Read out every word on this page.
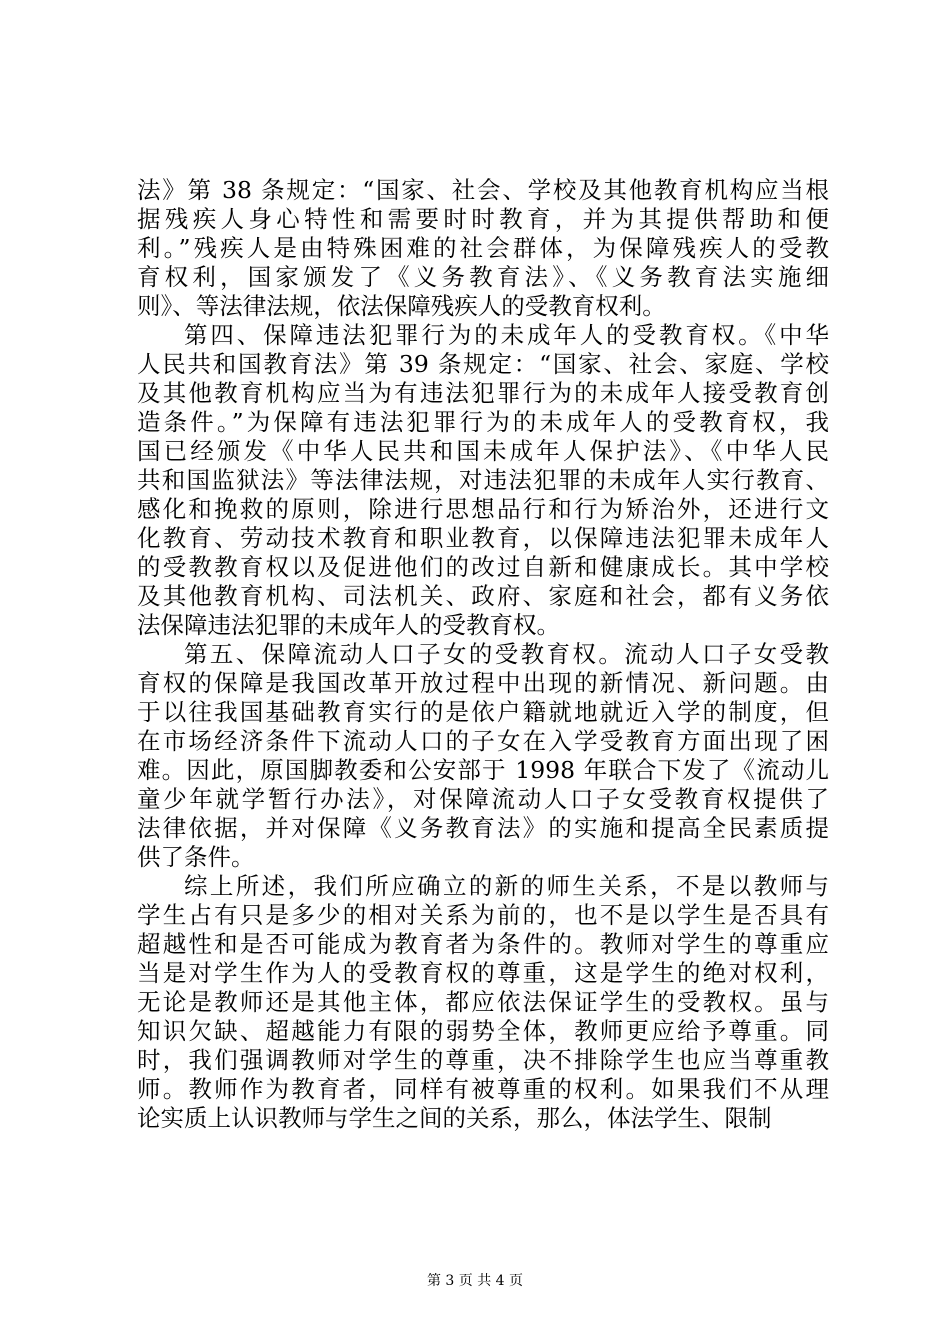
法》第 38 条规定：“国家、社会、学校及其他教育机构应当根
据残疾人身心特性和需要时时教育，并为其提供帮助和便
利。”残疾人是由特殊困难的社会群体，为保障残疾人的受教
育权利，国家颁发了《义务教育法》、《义务教育法实施细
则》、等法律法规，依法保障残疾人的受教育权利。
第四、保障违法犯罪行为的未成年人的受教育权。《中华
人民共和国教育法》第 39 条规定：“国家、社会、家庭、学校
及其他教育机构应当为有违法犯罪行为的未成年人接受教育创
造条件。”为保障有违法犯罪行为的未成年人的受教育权，我
国已经颁发《中华人民共和国未成年人保护法》、《中华人民
共和国监狱法》等法律法规，对违法犯罪的未成年人实行教育、
感化和挽救的原则，除进行思想品行和行为矫治外，还进行文
化教育、劳动技术教育和职业教育，以保障违法犯罪未成年人
的受教教育权以及促进他们的改过自新和健康成长。其中学校
及其他教育机构、司法机关、政府、家庭和社会，都有义务依
法保障违法犯罪的未成年人的受教育权。
第五、保障流动人口子女的受教育权。流动人口子女受教
育权的保障是我国改革开放过程中出现的新情况、新问题。由
于以往我国基础教育实行的是依户籍就地就近入学的制度，但
在市场经济条件下流动人口的子女在入学受教育方面出现了困
难。因此，原国脚教委和公安部于 1998 年联合下发了《流动儿
童少年就学暂行办法》，对保障流动人口子女受教育权提供了
法律依据，并对保障《义务教育法》的实施和提高全民素质提
供了条件。
综上所述，我们所应确立的新的师生关系，不是以教师与
学生占有只是多少的相对关系为前的，也不是以学生是否具有
超越性和是否可能成为教育者为条件的。教师对学生的尊重应
当是对学生作为人的受教育权的尊重，这是学生的绝对权利，
无论是教师还是其他主体，都应依法保证学生的受教权。虽与
知识欠缺、超越能力有限的弱势全体，教师更应给予尊重。同
时，我们强调教师对学生的尊重，决不排除学生也应当尊重教
师。教师作为教育者，同样有被尊重的权利。如果我们不从理
论实质上认识教师与学生之间的关系，那么，体法学生、限制
第 3 页 共 4 页
